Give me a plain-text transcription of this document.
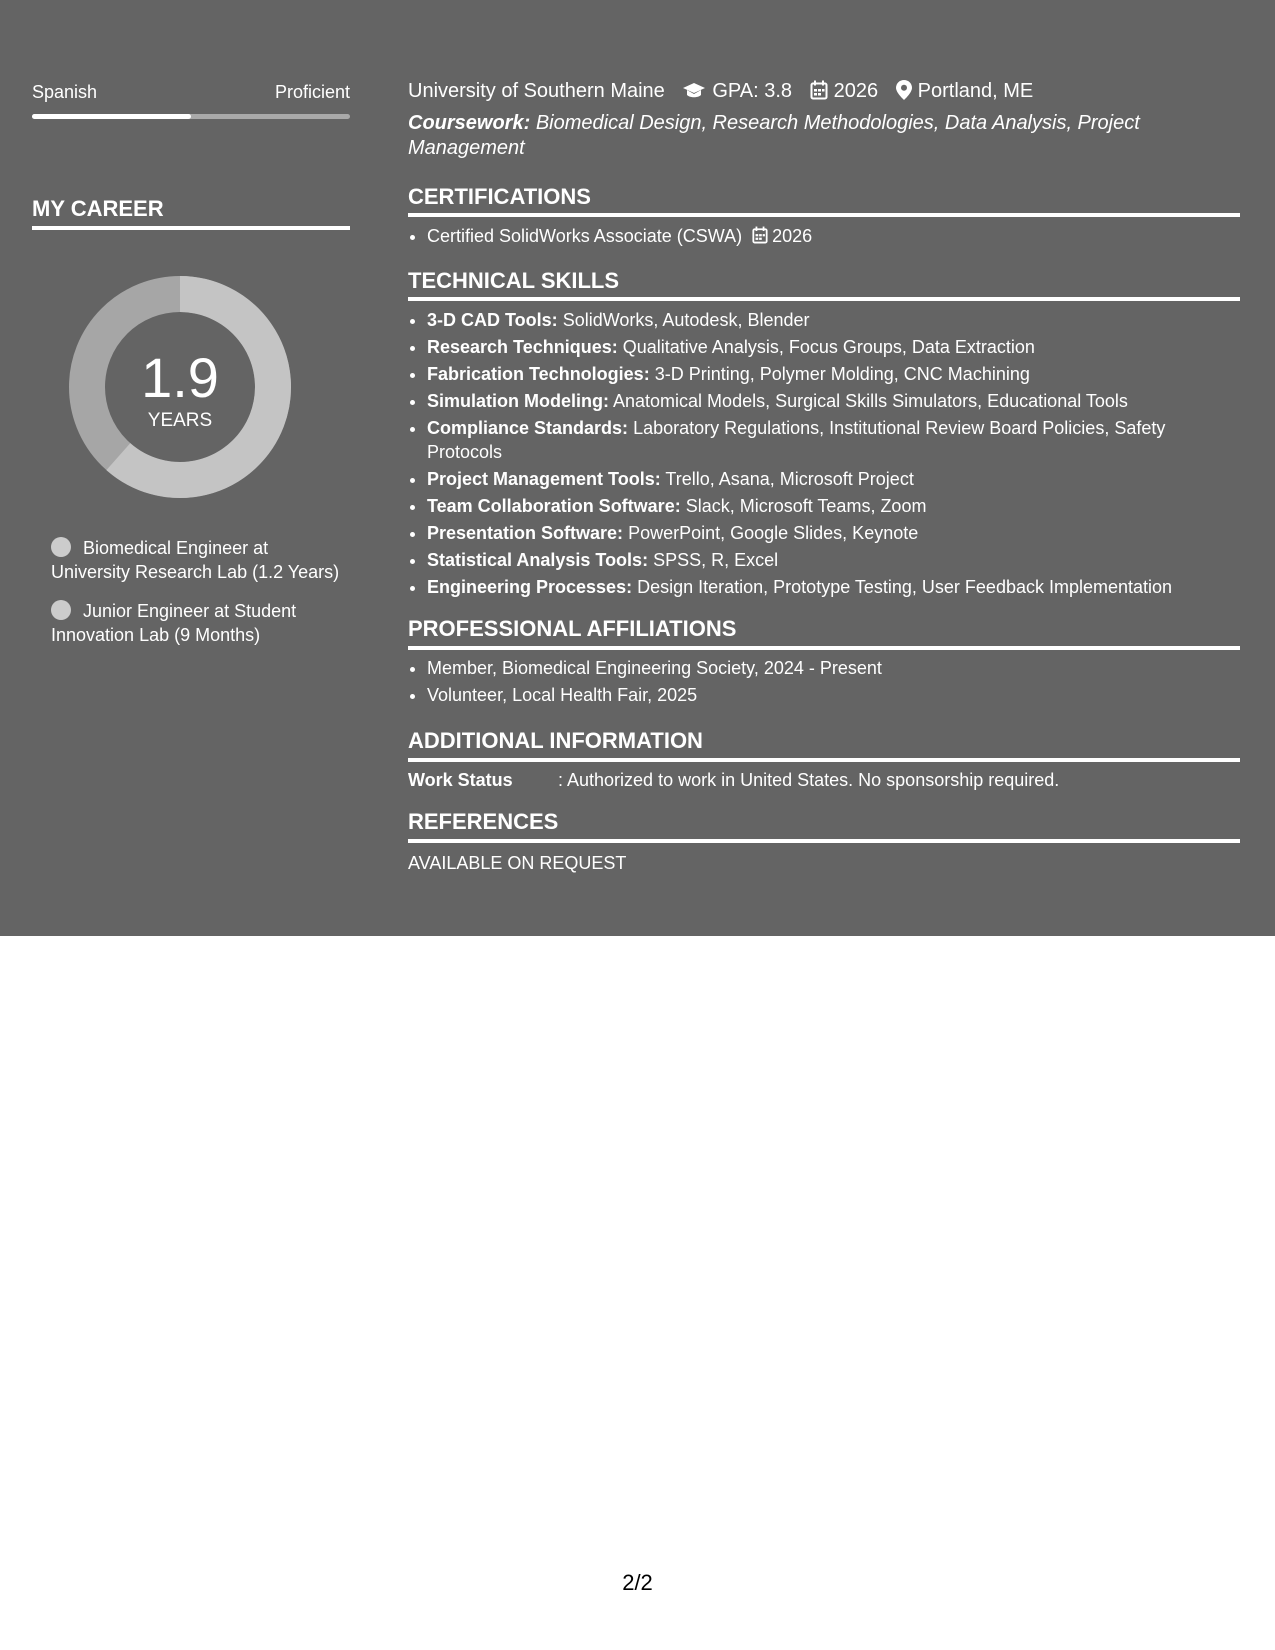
Spanish	Proficient
MY CAREER
1.9
YEARS
Biomedical Engineer at University Research Lab (1.2 Years)
Junior Engineer at Student Innovation Lab (9 Months)
University of Southern Maine GPA: 3.8 2026 Portland, ME
Coursework: Biomedical Design, Research Methodologies, Data Analysis, Project Management
CERTIFICATIONS
• Certified SolidWorks Associate (CSWA) 2026
TECHNICAL SKILLS
• 3-D CAD Tools: SolidWorks, Autodesk, Blender
• Research Techniques: Qualitative Analysis, Focus Groups, Data Extraction
• Fabrication Technologies: 3-D Printing, Polymer Molding, CNC Machining
• Simulation Modeling: Anatomical Models, Surgical Skills Simulators, Educational Tools
• Compliance Standards: Laboratory Regulations, Institutional Review Board Policies, Safety Protocols
• Project Management Tools: Trello, Asana, Microsoft Project
• Team Collaboration Software: Slack, Microsoft Teams, Zoom
• Presentation Software: PowerPoint, Google Slides, Keynote
• Statistical Analysis Tools: SPSS, R, Excel
• Engineering Processes: Design Iteration, Prototype Testing, User Feedback Implementation
PROFESSIONAL AFFILIATIONS
• Member, Biomedical Engineering Society, 2024 - Present
• Volunteer, Local Health Fair, 2025
ADDITIONAL INFORMATION
Work Status	: Authorized to work in United States. No sponsorship required.
REFERENCES
AVAILABLE ON REQUEST
2/2
